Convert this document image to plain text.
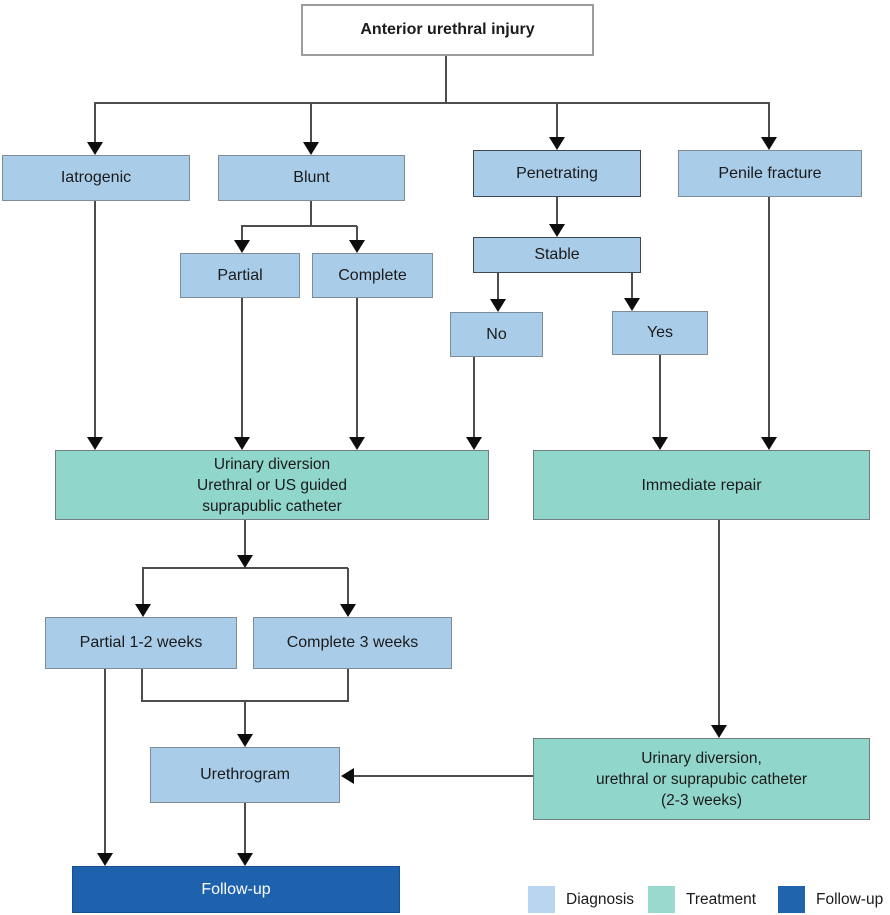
Anterior urethral injury
Iatrogenic	Blunt	Penetrating	Penile fracture
Partial	Complete
Stable
No	Yes
Urinary diversion
Urethral or US guided
suprapublic catheter
Immediate repair
Partial 1-2 weeks	Complete 3 weeks
Urethrogram
Urinary diversion,
urethral or suprapubic catheter
(2-3 weeks)
Follow-up
Diagnosis	Treatment	Follow-up
